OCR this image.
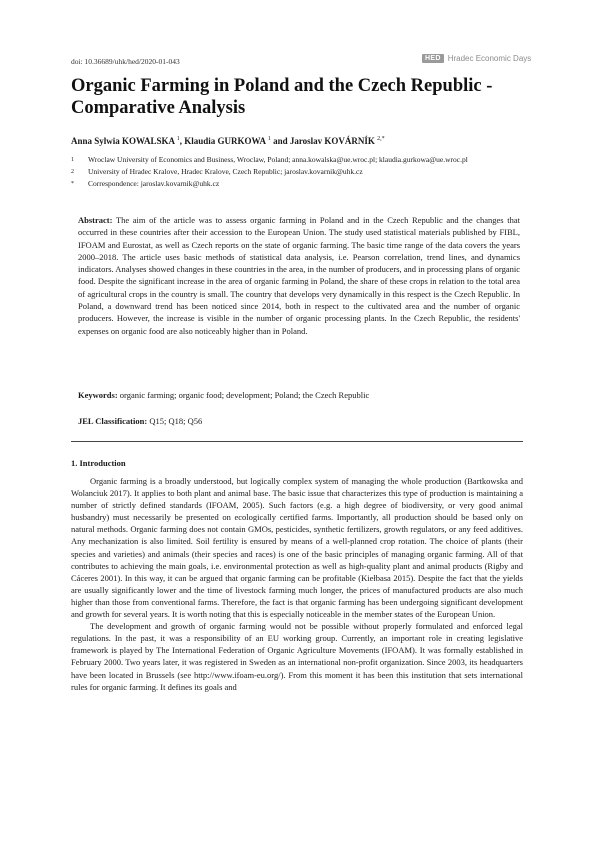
doi: 10.36689/uhk/hed/2020-01-043	HED Hradec Economic Days
Organic Farming in Poland and the Czech Republic - Comparative Analysis
Anna Sylwia KOWALSKA $^1$, Klaudia GURKOWA $^1$ and Jaroslav KOVÁRNÍK $^{2,*}$
1	Wroclaw University of Economics and Business, Wroclaw, Poland; anna.kowalska@ue.wroc.pl; klaudia.gurkowa@ue.wroc.pl
2	University of Hradec Kralove, Hradec Kralove, Czech Republic; jaroslav.kovarnik@uhk.cz
*	Correspondence: jaroslav.kovarnik@uhk.cz
Abstract: The aim of the article was to assess organic farming in Poland and in the Czech Republic and the changes that occurred in these countries after their accession to the European Union. The study used statistical materials published by FIBL, IFOAM and Eurostat, as well as Czech reports on the state of organic farming. The basic time range of the data covers the years 2000–2018. The article uses basic methods of statistical data analysis, i.e. Pearson correlation, trend lines, and dynamics indicators. Analyses showed changes in these countries in the area, in the number of producers, and in processing plans of organic food. Despite the significant increase in the area of organic farming in Poland, the share of these crops in relation to the total area of agricultural crops in the country is small. The country that develops very dynamically in this respect is the Czech Republic. In Poland, a downward trend has been noticed since 2014, both in respect to the cultivated area and the number of organic producers. However, the increase is visible in the number of organic processing plants. In the Czech Republic, the residents' expenses on organic food are also noticeably higher than in Poland.
Keywords: organic farming; organic food; development; Poland; the Czech Republic
JEL Classification: Q15; Q18; Q56
1. Introduction

Organic farming is a broadly understood, but logically complex system of managing the whole production (Bartkowska and Wolanciuk 2017). It applies to both plant and animal base. The basic issue that characterizes this type of production is maintaining a number of strictly defined standards (IFOAM, 2005). Such factors (e.g. a high degree of biodiversity, or very good animal husbandry) must necessarily be presented on ecologically certified farms. Importantly, all production should be based only on natural methods. Organic farming does not contain GMOs, pesticides, synthetic fertilizers, growth regulators, or any feed additives. Any mechanization is also limited. Soil fertility is ensured by means of a well-planned crop rotation. The choice of plants (their species and varieties) and animals (their species and races) is one of the basic principles of managing organic farming. All of that contributes to achieving the main goals, i.e. environmental protection as well as high-quality plant and animal products (Rigby and Cáceres 2001). In this way, it can be argued that organic farming can be profitable (Kiełbasa 2015). Despite the fact that the yields are usually significantly lower and the time of livestock farming much longer, the prices of manufactured products are also much higher than those from conventional farms. Therefore, the fact is that organic farming has been undergoing significant development and growth for several years. It is worth noting that this is especially noticeable in the member states of the European Union.

The development and growth of organic farming would not be possible without properly formulated and enforced legal regulations. In the past, it was a responsibility of an EU working group. Currently, an important role in creating legislative framework is played by The International Federation of Organic Agriculture Movements (IFOAM). It was formally established in February 2000. Two years later, it was registered in Sweden as an international non-profit organization. Since 2003, its headquarters have been located in Brussels (see http://www.ifoam-eu.org/). From this moment it has been this institution that sets international rules for organic farming. It defines its goals and
